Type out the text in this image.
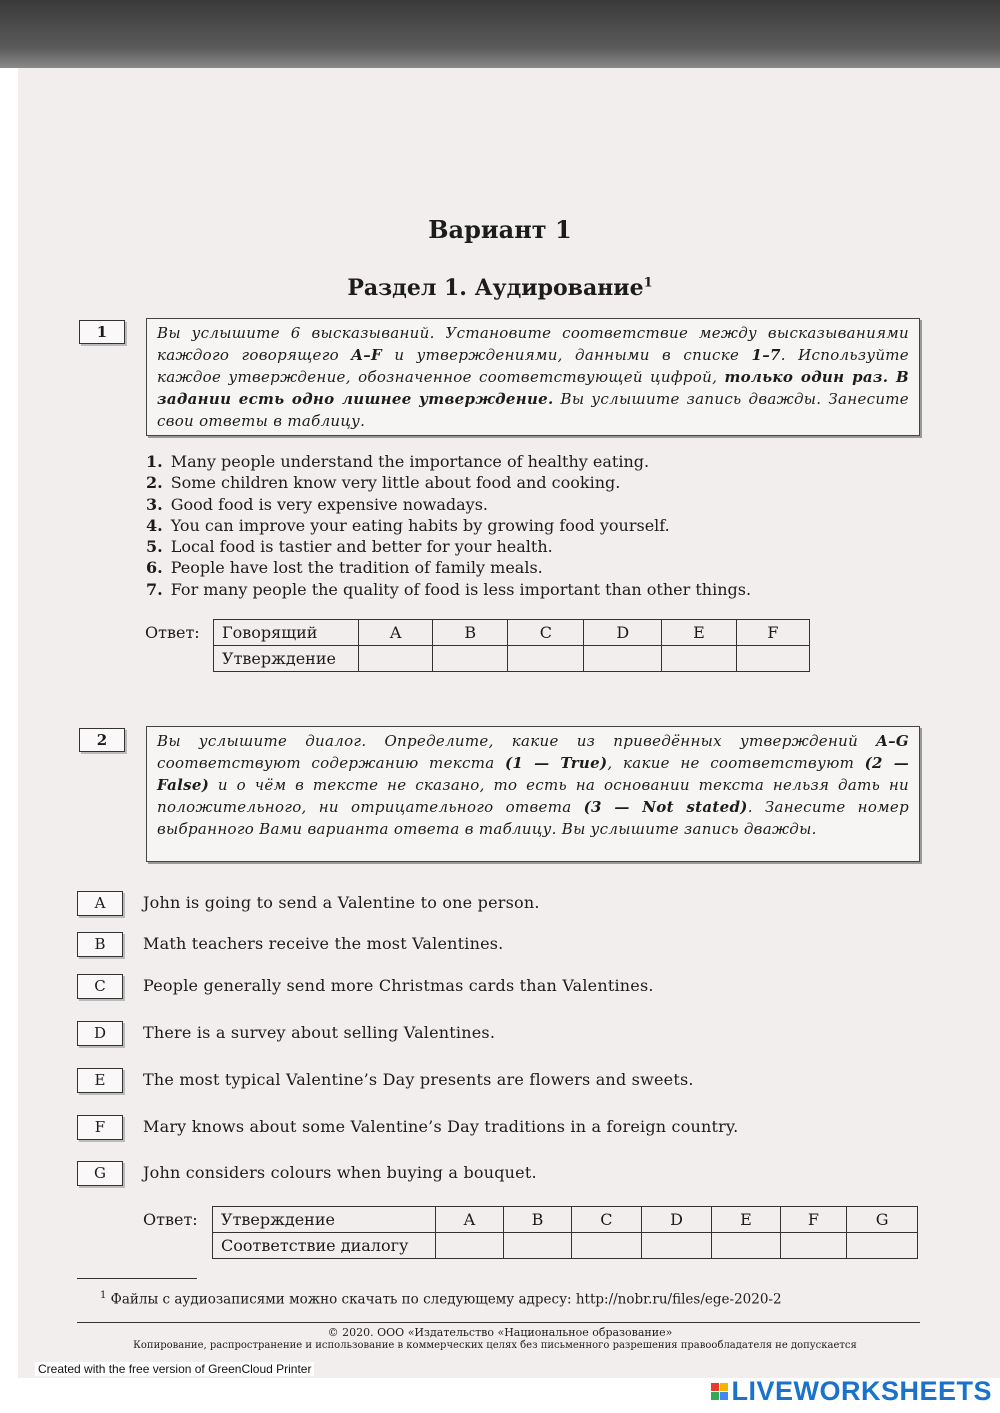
Вариант 1
Раздел 1. Аудирование$^1$
1	Вы услышите 6 высказываний. Установите соответствие между высказываниями каждого говорящего A–F и утверждениями, данными в списке 1–7. Используйте каждое утверждение, обозначенное соответствующей цифрой, только один раз. В задании есть одно лишнее утверждение. Вы услышите запись дважды. Занесите свои ответы в таблицу.

1. Many people understand the importance of healthy eating.
2. Some children know very little about food and cooking.
3. Good food is very expensive nowadays.
4. You can improve your eating habits by growing food yourself.
5. Local food is tastier and better for your health.
6. People have lost the tradition of family meals.
7. For many people the quality of food is less important than other things.
Ответ: Говорящий	A	B	C	D	E	F
Утверждение						
2	Вы услышите диалог. Определите, какие из приведённых утверждений A–G соответствуют содержанию текста (1 — True), какие не соответствуют (2 — False) и о чём в тексте не сказано, то есть на основании текста нельзя дать ни положительного, ни отрицательного ответа (3 — Not stated). Занесите номер выбранного Вами варианта ответа в таблицу. Вы услышите запись дважды.

A	John is going to send a Valentine to one person.
B	Math teachers receive the most Valentines.
C	People generally send more Christmas cards than Valentines.
D	There is a survey about selling Valentines.
E	The most typical Valentine’s Day presents are flowers and sweets.
F	Mary knows about some Valentine’s Day traditions in a foreign country.
G	John considers colours when buying a bouquet.
Ответ: Утверждение	A	B	C	D	E	F	G
Соответствие диалогу							
$^1$ Файлы с аудиозаписями можно скачать по следующему адресу: http://nobr.ru/files/ege-2020-2
© 2020. ООО «Издательство «Национальное образование»
Копирование, распространение и использование в коммерческих целях без письменного разрешения правообладателя не допускается
Created with the free version of GreenCloud Printer
LIVEWORKSHEETS
